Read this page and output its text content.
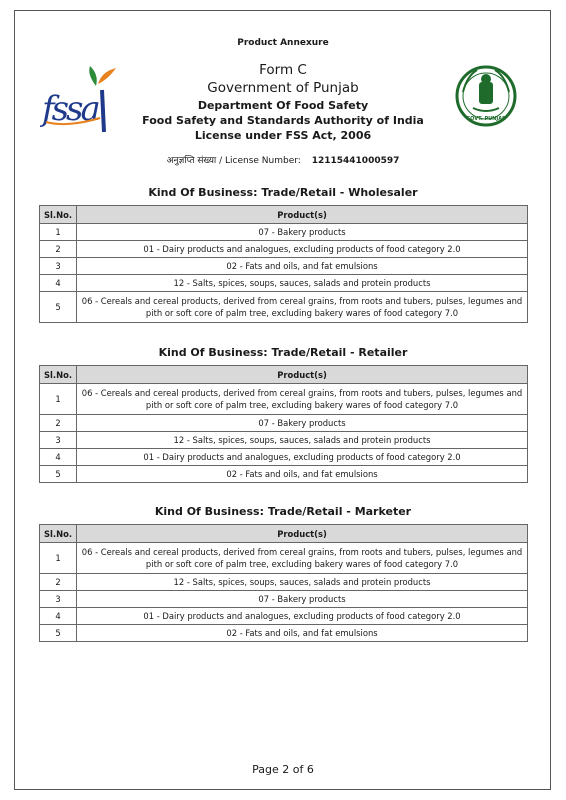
Product Annexure
fssa	GOVT. PUNJAB
Form C
Government of Punjab
Department Of Food Safety
Food Safety and Standards Authority of India
License under FSS Act, 2006
अनुज्ञप्ति संख्या / License Number: 12115441000597
Kind Of Business: Trade/Retail - Wholesaler
Sl.No.	Product(s)
1	07 - Bakery products
2	01 - Dairy products and analogues, excluding products of food category 2.0
3	02 - Fats and oils, and fat emulsions
4	12 - Salts, spices, soups, sauces, salads and protein products
5	06 - Cereals and cereal products, derived from cereal grains, from roots and tubers, pulses, legumes and pith or soft core of palm tree, excluding bakery wares of food category 7.0
Kind Of Business: Trade/Retail - Retailer
Sl.No.	Product(s)
1	06 - Cereals and cereal products, derived from cereal grains, from roots and tubers, pulses, legumes and pith or soft core of palm tree, excluding bakery wares of food category 7.0
2	07 - Bakery products
3	12 - Salts, spices, soups, sauces, salads and protein products
4	01 - Dairy products and analogues, excluding products of food category 2.0
5	02 - Fats and oils, and fat emulsions
Kind Of Business: Trade/Retail - Marketer
Sl.No.	Product(s)
1	06 - Cereals and cereal products, derived from cereal grains, from roots and tubers, pulses, legumes and pith or soft core of palm tree, excluding bakery wares of food category 7.0
2	12 - Salts, spices, soups, sauces, salads and protein products
3	07 - Bakery products
4	01 - Dairy products and analogues, excluding products of food category 2.0
5	02 - Fats and oils, and fat emulsions
Page 2 of 6
